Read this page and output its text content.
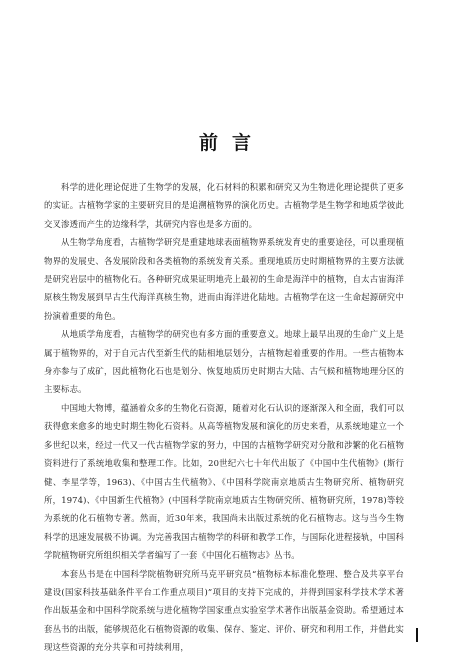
前言

科学的进化理论促进了生物学的发展，化石材料的积累和研究又为生物进化理论提供了更多的实证。古植物学家的主要研究目的是追溯植物界的演化历史。古植物学是生物学和地质学彼此交叉渗透而产生的边缘科学，其研究内容也是多方面的。

从生物学角度看，古植物学研究是重建地球表面植物界系统发育史的重要途径，可以重现植物界的发展史、各发展阶段和各类植物的系统发育关系。重现地质历史时期植物界的主要方法就是研究岩层中的植物化石。各种研究成果证明地壳上最初的生命是海洋中的植物，自太古宙海洋原核生物发展到早古生代海洋真核生物，进而由海洋进化陆地。古植物学在这一生命起源研究中扮演着重要的角色。

从地质学角度看，古植物学的研究也有多方面的重要意义。地球上最早出现的生命广义上是属于植物界的，对于自元古代至新生代的陆相地层划分，古植物起着重要的作用。一些古植物本身亦参与了成矿，因此植物化石也是划分、恢复地质历史时期古大陆、古气候和植物地理分区的主要标志。

中国地大物博，蕴涵着众多的生物化石资源，随着对化石认识的逐渐深入和全面，我们可以获得愈来愈多的地史时期生物化石资料。从高等植物发展和演化的历史来看，从系统地建立一个多世纪以来，经过一代又一代古植物学家的努力，中国的古植物学研究对分散和涉繁的化石植物资料进行了系统地收集和整理工作。比如，20世纪六七十年代出版了《中国中生代植物》(斯行健、李星学等，1963)、《中国古生代植物》、《中国科学院南京地质古生物研究所、植物研究所，1974)、《中国新生代植物》(中国科学院南京地质古生物研究所、植物研究所，1978)等较为系统的化石植物专著。然而，近30年来，我国尚未出版过系统的化石植物志。这与当今生物科学的迅速发展极不协调。为完善我国古植物学的科研和教学工作，与国际化进程接轨，中国科学院植物研究所组织相关学者编写了一套《中国化石植物志》丛书。

本套丛书是在中国科学院植物研究所马克平研究员“植物标本标准化整理、整合及共享平台建设(国家科技基础条件平台工作重点项目)”项目的支持下完成的，并得到国家科学技术学术著作出版基金和中国科学院系统与进化植物学国家重点实验室学术著作出版基金资助。希望通过本套丛书的出版，能够规范化石植物资源的收集、保存、鉴定、评价、研究和利用工作，并借此实现这些资源的充分共享和可持续利用，
